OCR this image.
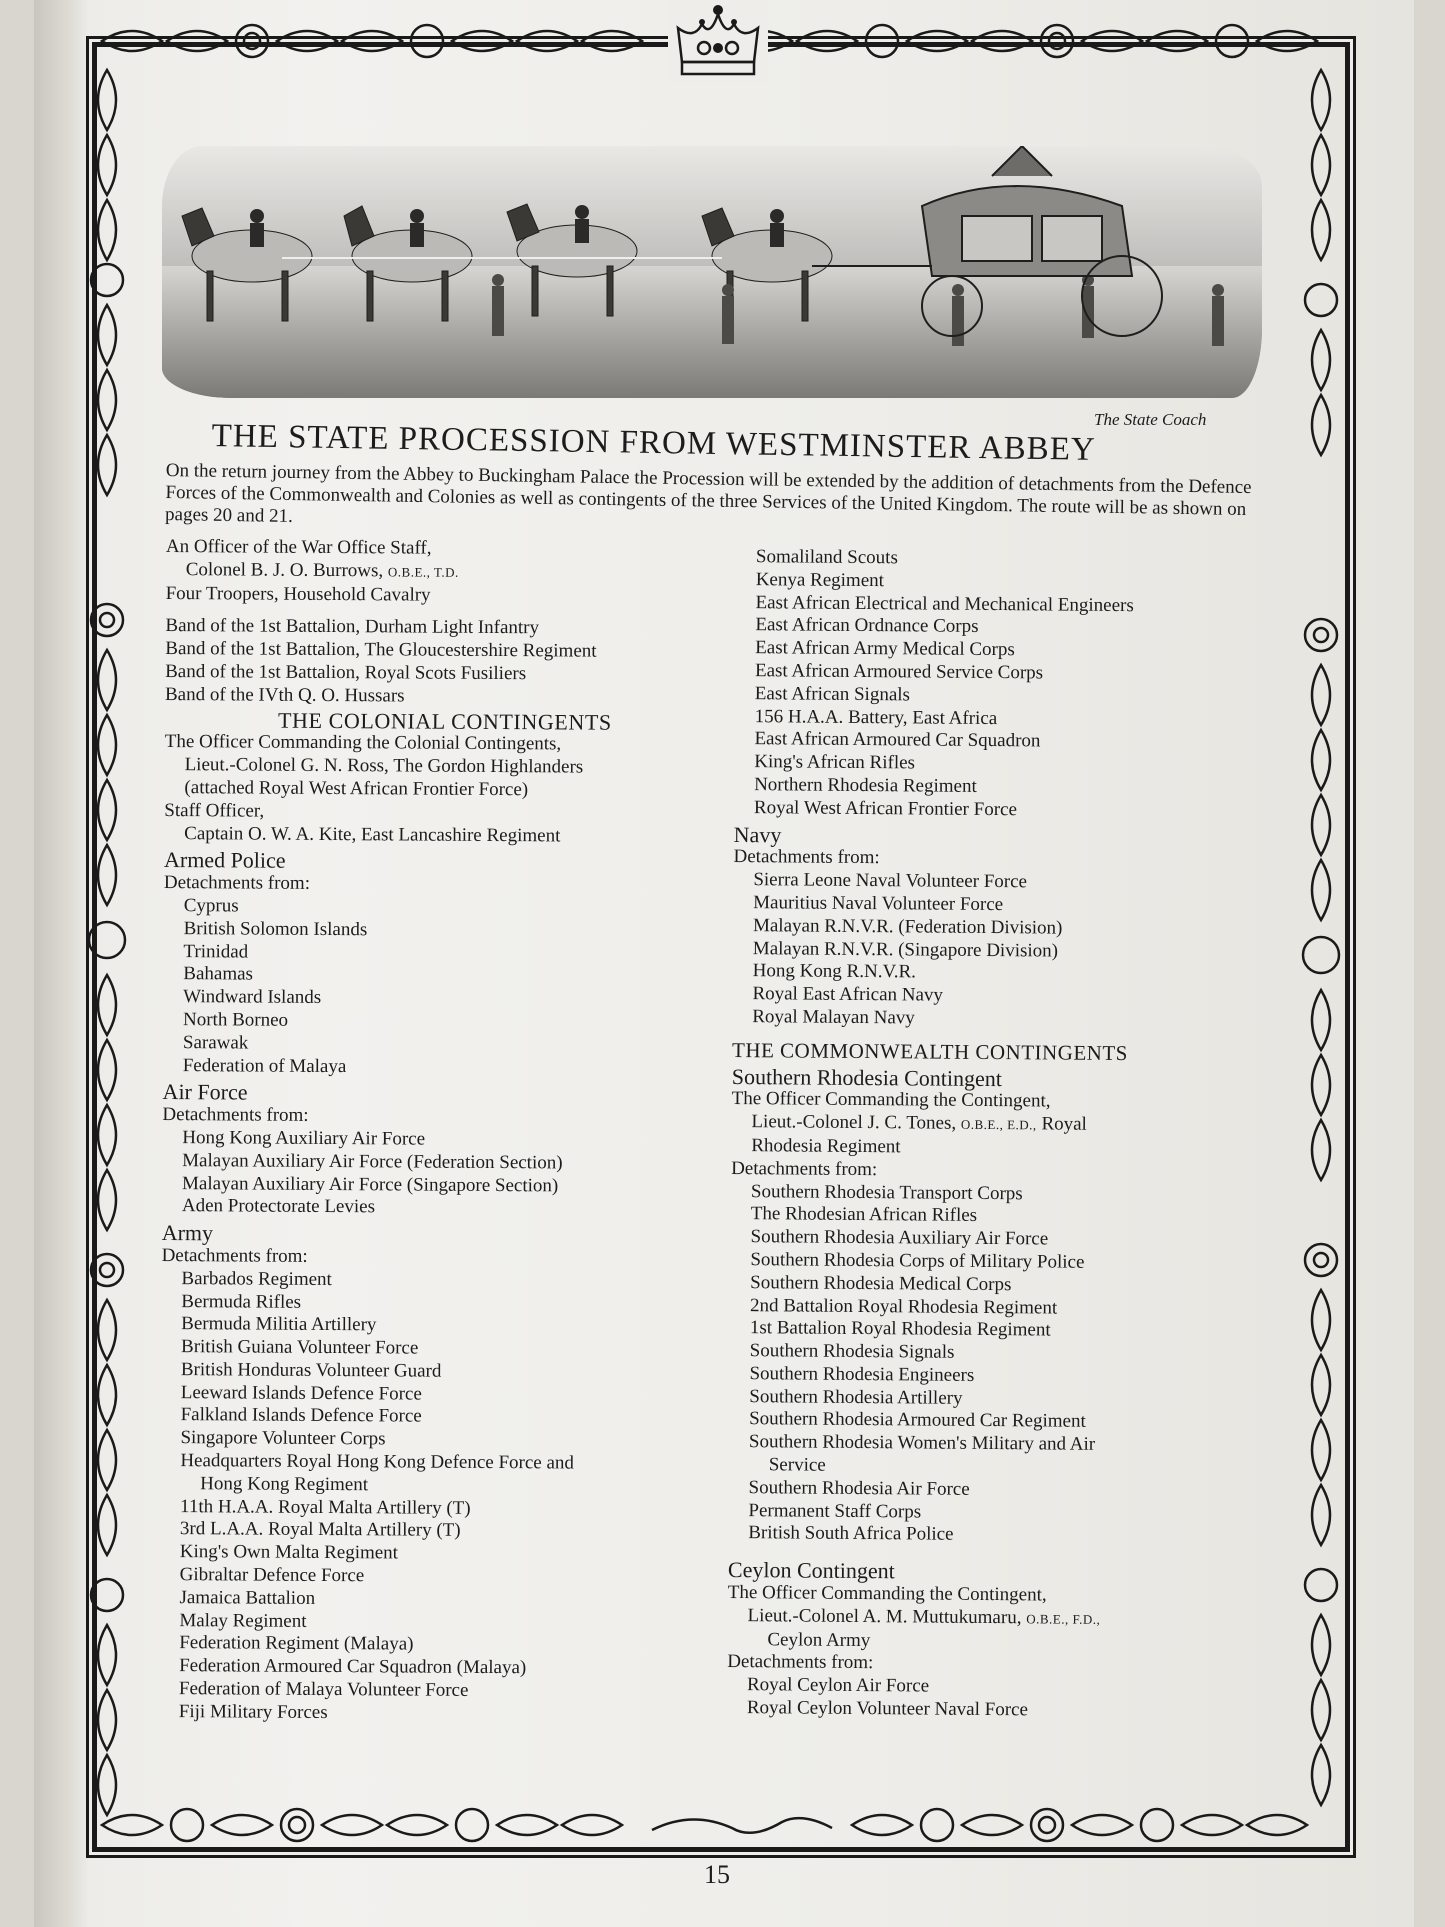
The State Coach
THE STATE PROCESSION FROM WESTMINSTER ABBEY
On the return journey from the Abbey to Buckingham Palace the Procession will be extended by the addition of detachments from the Defence Forces of the Commonwealth and Colonies as well as contingents of the three Services of the United Kingdom. The route will be as shown on pages 20 and 21.
An Officer of the War Office Staff,
Colonel B. J. O. Burrows, O.B.E., T.D.
Four Troopers, Household Cavalry
Band of the 1st Battalion, Durham Light Infantry
Band of the 1st Battalion, The Gloucestershire Regiment
Band of the 1st Battalion, Royal Scots Fusiliers
Band of the IVth Q. O. Hussars
THE COLONIAL CONTINGENTS
The Officer Commanding the Colonial Contingents,
Lieut.-Colonel G. N. Ross, The Gordon Highlanders
(attached Royal West African Frontier Force)
Staff Officer,
Captain O. W. A. Kite, East Lancashire Regiment
Armed Police
Detachments from:
Cyprus
British Solomon Islands
Trinidad
Bahamas
Windward Islands
North Borneo
Sarawak
Federation of Malaya
Air Force
Detachments from:
Hong Kong Auxiliary Air Force
Malayan Auxiliary Air Force (Federation Section)
Malayan Auxiliary Air Force (Singapore Section)
Aden Protectorate Levies
Army
Detachments from:
Barbados Regiment
Bermuda Rifles
Bermuda Militia Artillery
British Guiana Volunteer Force
British Honduras Volunteer Guard
Leeward Islands Defence Force
Falkland Islands Defence Force
Singapore Volunteer Corps
Headquarters Royal Hong Kong Defence Force and
Hong Kong Regiment
11th H.A.A. Royal Malta Artillery (T)
3rd L.A.A. Royal Malta Artillery (T)
King's Own Malta Regiment
Gibraltar Defence Force
Jamaica Battalion
Malay Regiment
Federation Regiment (Malaya)
Federation Armoured Car Squadron (Malaya)
Federation of Malaya Volunteer Force
Fiji Military Forces
Somaliland Scouts
Kenya Regiment
East African Electrical and Mechanical Engineers
East African Ordnance Corps
East African Army Medical Corps
East African Armoured Service Corps
East African Signals
156 H.A.A. Battery, East Africa
East African Armoured Car Squadron
King's African Rifles
Northern Rhodesia Regiment
Royal West African Frontier Force
Navy
Detachments from:
Sierra Leone Naval Volunteer Force
Mauritius Naval Volunteer Force
Malayan R.N.V.R. (Federation Division)
Malayan R.N.V.R. (Singapore Division)
Hong Kong R.N.V.R.
Royal East African Navy
Royal Malayan Navy
THE COMMONWEALTH CONTINGENTS
Southern Rhodesia Contingent
The Officer Commanding the Contingent,
Lieut.-Colonel J. C. Tones, O.B.E., E.D., Royal
Rhodesia Regiment
Detachments from:
Southern Rhodesia Transport Corps
The Rhodesian African Rifles
Southern Rhodesia Auxiliary Air Force
Southern Rhodesia Corps of Military Police
Southern Rhodesia Medical Corps
2nd Battalion Royal Rhodesia Regiment
1st Battalion Royal Rhodesia Regiment
Southern Rhodesia Signals
Southern Rhodesia Engineers
Southern Rhodesia Artillery
Southern Rhodesia Armoured Car Regiment
Southern Rhodesia Women's Military and Air
Service
Southern Rhodesia Air Force
Permanent Staff Corps
British South Africa Police
Ceylon Contingent
The Officer Commanding the Contingent,
Lieut.-Colonel A. M. Muttukumaru, O.B.E., F.D.,
Ceylon Army
Detachments from:
Royal Ceylon Air Force
Royal Ceylon Volunteer Naval Force
15
